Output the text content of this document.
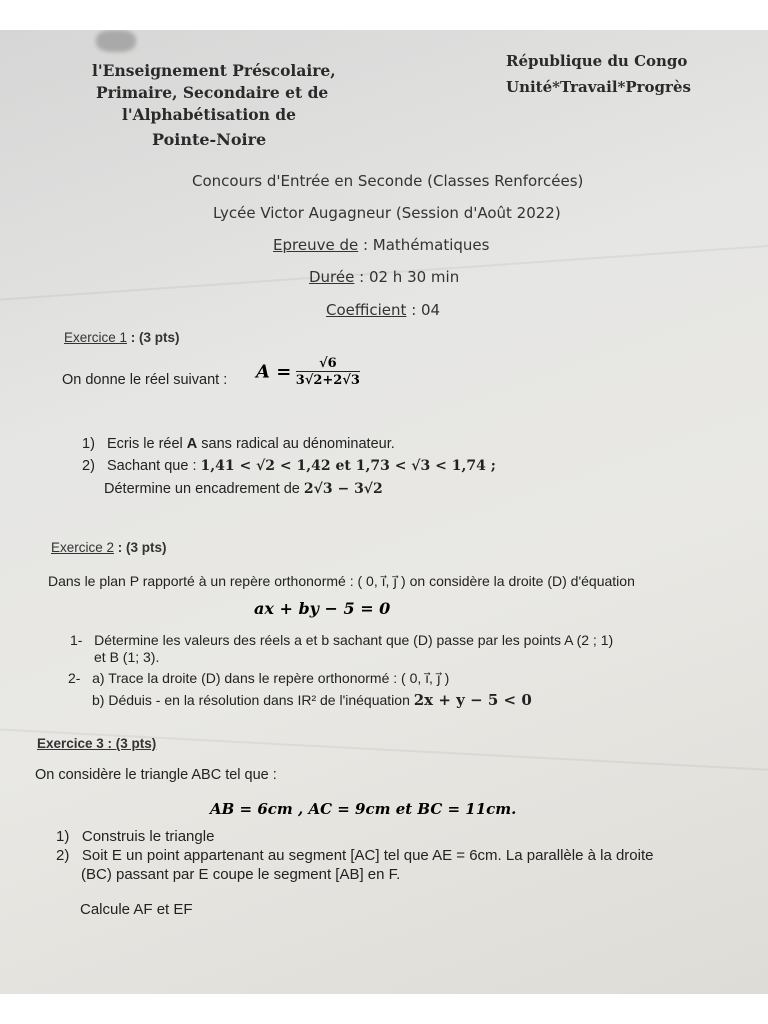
l'Enseignement Préscolaire,
Primaire, Secondaire et de
l'Alphabétisation de
Pointe-Noire
République du Congo
Unité*Travail*Progrès
Concours d'Entrée en Seconde (Classes Renforcées)
Lycée Victor Augagneur (Session d'Août 2022)
Epreuve de : Mathématiques
Durée : 02 h 30 min
Coefficient : 04
Exercice 1 : (3 pts)
On donne le réel suivant : $A = \frac{√6}{3√2+2√3}$
1) Ecris le réel A sans radical au dénominateur.
2) Sachant que : 1,41 < √2 < 1,42 et 1,73 < √3 < 1,74 ;
Détermine un encadrement de 2√3 − 3√2
Exercice 2 : (3 pts)
Dans le plan P rapporté à un repère orthonormé : ( 0, i⃗, j⃗ ) on considère la droite (D) d'équation
ax + by − 5 = 0
1- Détermine les valeurs des réels a et b sachant que (D) passe par les points A (2 ; 1)
et B (1; 3).
2- a) Trace la droite (D) dans le repère orthonormé : ( 0, i⃗, j⃗ )
b) Déduis - en la résolution dans IR² de l'inéquation 2x + y − 5 < 0
Exercice 3 : (3 pts)
On considère le triangle ABC tel que :
AB = 6cm , AC = 9cm et BC = 11cm.
1) Construis le triangle
2) Soit E un point appartenant au segment [AC] tel que AE = 6cm. La parallèle à la droite
(BC) passant par E coupe le segment [AB] en F.
Calcule AF et EF
